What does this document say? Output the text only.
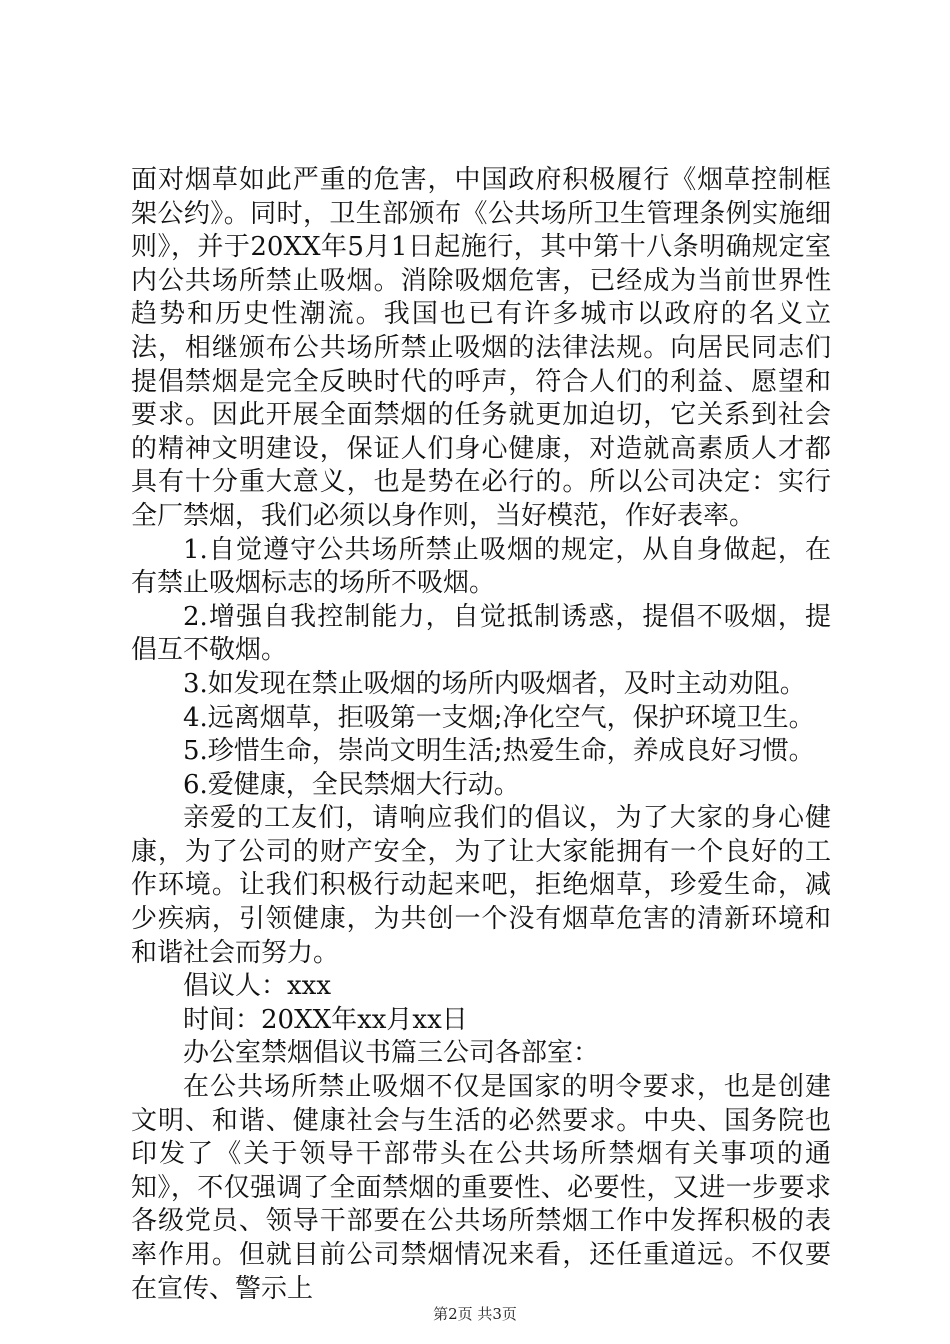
面对烟草如此严重的危害，中国政府积极履行《烟草控制框架公约》。同时，卫生部颁布《公共场所卫生管理条例实施细则》，并于20XX年5月1日起施行，其中第十八条明确规定室内公共场所禁止吸烟。消除吸烟危害，已经成为当前世界性趋势和历史性潮流。我国也已有许多城市以政府的名义立法，相继颁布公共场所禁止吸烟的法律法规。向居民同志们提倡禁烟是完全反映时代的呼声，符合人们的利益、愿望和要求。因此开展全面禁烟的任务就更加迫切，它关系到社会的精神文明建设，保证人们身心健康，对造就高素质人才都具有十分重大意义，也是势在必行的。所以公司决定：实行全厂禁烟，我们必须以身作则，当好模范，作好表率。

1.自觉遵守公共场所禁止吸烟的规定，从自身做起，在有禁止吸烟标志的场所不吸烟。

2.增强自我控制能力，自觉抵制诱惑，提倡不吸烟，提倡互不敬烟。

3.如发现在禁止吸烟的场所内吸烟者，及时主动劝阻。

4.远离烟草，拒吸第一支烟;净化空气，保护环境卫生。

5.珍惜生命，崇尚文明生活;热爱生命，养成良好习惯。

6.爱健康，全民禁烟大行动。

亲爱的工友们，请响应我们的倡议，为了大家的身心健康，为了公司的财产安全，为了让大家能拥有一个良好的工作环境。让我们积极行动起来吧，拒绝烟草，珍爱生命，减少疾病，引领健康，为共创一个没有烟草危害的清新环境和和谐社会而努力。

倡议人：xxx

时间：20XX年xx月xx日

办公室禁烟倡议书篇三公司各部室：

在公共场所禁止吸烟不仅是国家的明令要求，也是创建文明、和谐、健康社会与生活的必然要求。中央、国务院也印发了《关于领导干部带头在公共场所禁烟有关事项的通知》，不仅强调了全面禁烟的重要性、必要性，又进一步要求各级党员、领导干部要在公共场所禁烟工作中发挥积极的表率作用。但就目前公司禁烟情况来看，还任重道远。不仅要在宣传、警示上

第2页 共3页
